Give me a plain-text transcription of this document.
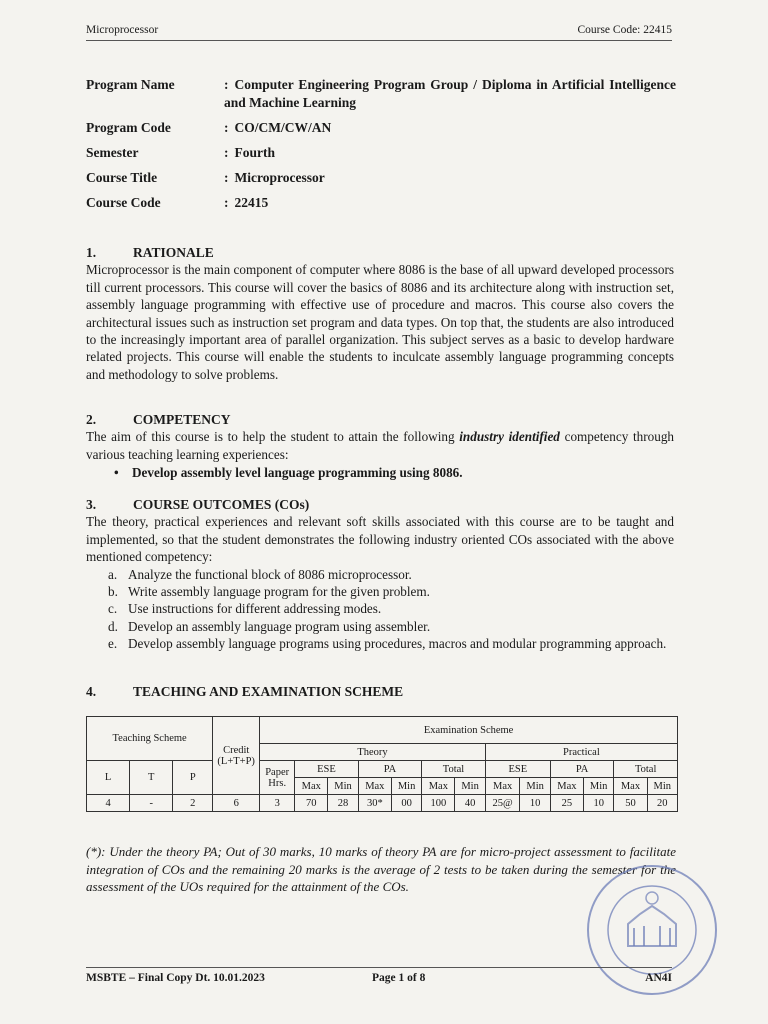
Microprocessor	Course Code: 22415
Program Name	: Computer Engineering Program Group / Diploma in Artificial Intelligence and Machine Learning
Program Code	: CO/CM/CW/AN
Semester	: Fourth
Course Title	: Microprocessor
Course Code	: 22415
1.	RATIONALE

Microprocessor is the main component of computer where 8086 is the base of all upward developed processors till current processors. This course will cover the basics of 8086 and its architecture along with instruction set, assembly language programming with effective use of procedure and macros. This course also covers the architectural issues such as instruction set program and data types. On top that, the students are also introduced to the increasingly important area of parallel organization. This subject serves as a basic to develop hardware related projects. This course will enable the students to inculcate assembly language programming concepts and methodology to solve problems.

2.	COMPETENCY

The aim of this course is to help the student to attain the following industry identified competency through various teaching learning experiences:

•	Develop assembly level language programming using 8086.
3.	COURSE OUTCOMES (COs)

The theory, practical experiences and relevant soft skills associated with this course are to be taught and implemented, so that the student demonstrates the following industry oriented COs associated with the above mentioned competency:

a. Analyze the functional block of 8086 microprocessor.
b. Write assembly language program for the given problem.
c. Use instructions for different addressing modes.
d. Develop an assembly language program using assembler.
e. Develop assembly language programs using procedures, macros and modular programming approach.
4.	TEACHING AND EXAMINATION SCHEME
Teaching Scheme			Credit (L+T+P)	Examination Scheme												
				Theory							Practical					
L	T	P		Paper Hrs.	ESE		PA		Total		ESE		PA		Total	
					Max	Min	Max	Min	Max	Min	Max	Min	Max	Min	Max	Min
4	-	2	6	3	70	28	30*	00	100	40	25@	10	25	10	50	20

(*): Under the theory PA; Out of 30 marks, 10 marks of theory PA are for micro-project assessment to facilitate integration of COs and the remaining 20 marks is the average of 2 tests to be taken during the semester for the assessment of the UOs required for the attainment of the COs.

MSBTE – Final Copy Dt. 10.01.2023	Page 1 of 8	AN4I
